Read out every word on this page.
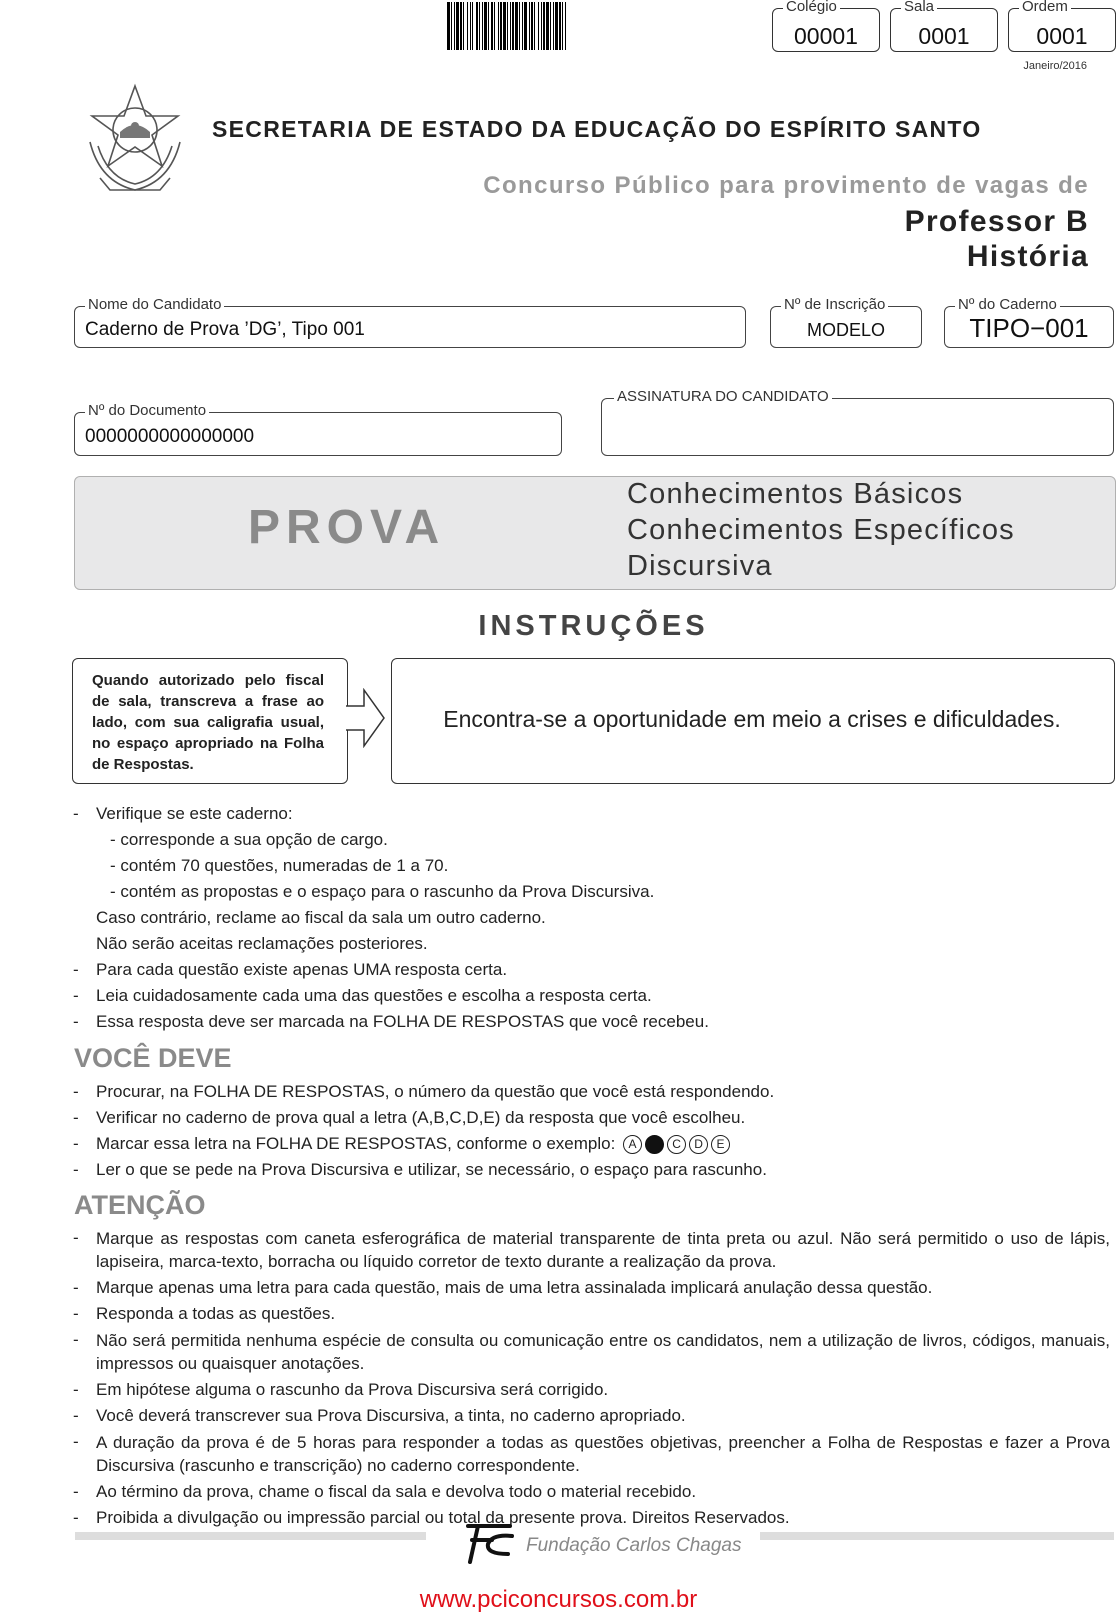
Colégio
00001
Sala
0001
Ordem
0001
Janeiro/2016
SECRETARIA DE ESTADO DA EDUCAÇÃO DO ESPÍRITO SANTO
Concurso Público para provimento de vagas de
Professor B
História
Nome do Candidato
Caderno de Prova ’DG’, Tipo 001
Nº de Inscrição
MODELO
Nº do Caderno
TIPO−001
Nº do Documento
0000000000000000
ASSINATURA DO CANDIDATO
PROVA
Conhecimentos Básicos
Conhecimentos Específicos
Discursiva
INSTRUÇÕES
Quando autorizado pelo fiscal de sala, transcreva a frase ao lado, com sua caligrafia usual, no espaço apropriado na Folha de Respostas.
Encontra-se a oportunidade em meio a crises e dificuldades.
- Verifique se este caderno:
- corresponde a sua opção de cargo.
- contém 70 questões, numeradas de 1 a 70.
- contém as propostas e o espaço para o rascunho da Prova Discursiva.
Caso contrário, reclame ao fiscal da sala um outro caderno.
Não serão aceitas reclamações posteriores.
- Para cada questão existe apenas UMA resposta certa.
- Leia cuidadosamente cada uma das questões e escolha a resposta certa.
- Essa resposta deve ser marcada na FOLHA DE RESPOSTAS que você recebeu.
VOCÊ DEVE
- Procurar, na FOLHA DE RESPOSTAS, o número da questão que você está respondendo.
- Verificar no caderno de prova qual a letra (A,B,C,D,E) da resposta que você escolheu.
- Marcar essa letra na FOLHA DE RESPOSTAS, conforme o exemplo: A	C D E
- Ler o que se pede na Prova Discursiva e utilizar, se necessário, o espaço para rascunho.
ATENÇÃO
- Marque as respostas com caneta esferográfica de material transparente de tinta preta ou azul. Não será permitido o uso de lápis, lapiseira, marca-texto, borracha ou líquido corretor de texto durante a realização da prova.
- Marque apenas uma letra para cada questão, mais de uma letra assinalada implicará anulação dessa questão.
- Responda a todas as questões.
- Não será permitida nenhuma espécie de consulta ou comunicação entre os candidatos, nem a utilização de livros, códigos, manuais, impressos ou quaisquer anotações.
- Em hipótese alguma o rascunho da Prova Discursiva será corrigido.
- Você deverá transcrever sua Prova Discursiva, a tinta, no caderno apropriado.
- A duração da prova é de 5 horas para responder a todas as questões objetivas, preencher a Folha de Respostas e fazer a Prova Discursiva (rascunho e transcrição) no caderno correspondente.
- Ao término da prova, chame o fiscal da sala e devolva todo o material recebido.
- Proibida a divulgação ou impressão parcial ou total da presente prova. Direitos Reservados.
Fundação Carlos Chagas
www.pciconcursos.com.br
